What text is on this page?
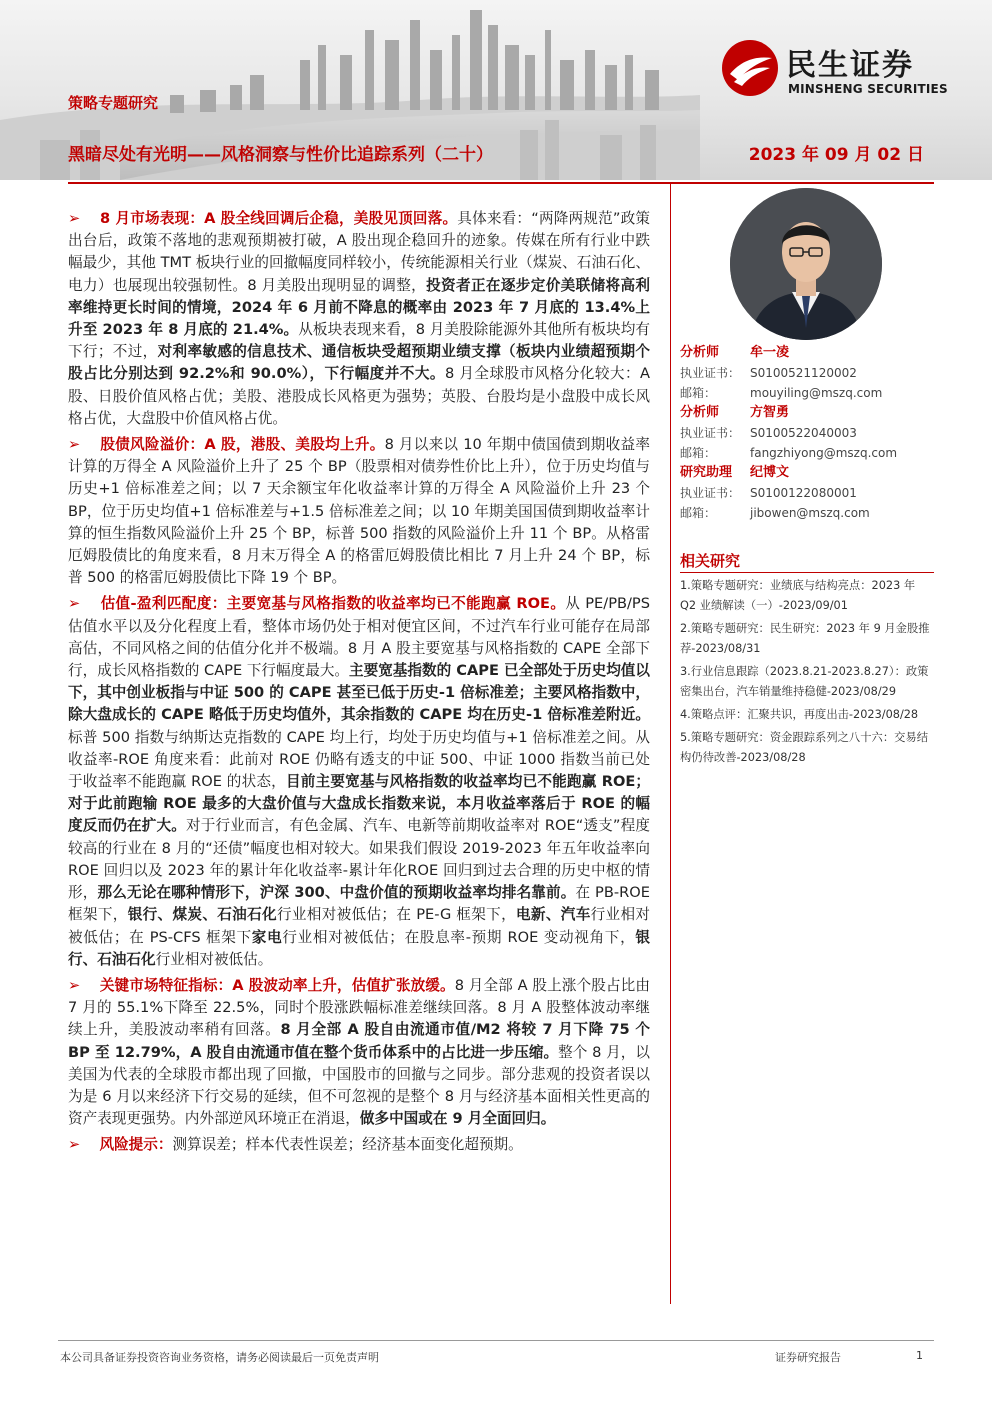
策略专题研究
黑暗尽处有光明——风格洞察与性价比追踪系列（二十）	2023 年 09 月 02 日
民生证券
MINSHENG SECURITIES

➢   8 月市场表现：A 股全线回调后企稳，美股见顶回落。具体来看：“两降两规范”政策出台后，政策不落地的悲观预期被打破，A 股出现企稳回升的迹象。传媒在所有行业中跌幅最少，其他 TMT 板块行业的回撤幅度同样较小，传统能源相关行业（煤炭、石油石化、电力）也展现出较强韧性。8 月美股出现明显的调整，投资者正在逐步定价美联储将高利率维持更长时间的情境，2024 年 6 月前不降息的概率由 2023 年 7 月底的 13.4%上升至 2023 年 8 月底的 21.4%。从板块表现来看，8 月美股除能源外其他所有板块均有下行；不过，对利率敏感的信息技术、通信板块受超预期业绩支撑（板块内业绩超预期个股占比分别达到 92.2%和 90.0%），下行幅度并不大。8 月全球股市风格分化较大：A 股、日股价值风格占优；美股、港股成长风格更为强势；英股、台股均是小盘股中成长风格占优，大盘股中价值风格占优。

➢   股债风险溢价：A 股，港股、美股均上升。8 月以来以 10 年期中债国债到期收益率计算的万得全 A 风险溢价上升了 25 个 BP（股票相对债券性价比上升），位于历史均值与历史+1 倍标准差之间；以 7 天余额宝年化收益率计算的万得全 A 风险溢价上升 23 个 BP，位于历史均值+1 倍标准差与+1.5 倍标准差之间；以 10 年期美国国债到期收益率计算的恒生指数风险溢价上升 25 个 BP，标普 500 指数的风险溢价上升 11 个 BP。从格雷厄姆股债比的角度来看，8 月末万得全 A 的格雷厄姆股债比相比 7 月上升 24 个 BP，标普 500 的格雷厄姆股债比下降 19 个 BP。

➢   估值-盈利匹配度：主要宽基与风格指数的收益率均已不能跑赢 ROE。从 PE/PB/PS 估值水平以及分化程度上看，整体市场仍处于相对便宜区间，不过汽车行业可能存在局部高估，不同风格之间的估值分化并不极端。8 月 A 股主要宽基与风格指数的 CAPE 全部下行，成长风格指数的 CAPE 下行幅度最大。主要宽基指数的 CAPE 已全部处于历史均值以下，其中创业板指与中证 500 的 CAPE 甚至已低于历史-1 倍标准差；主要风格指数中，除大盘成长的 CAPE 略低于历史均值外，其余指数的 CAPE 均在历史-1 倍标准差附近。标普 500 指数与纳斯达克指数的 CAPE 均上行，均处于历史均值与+1 倍标准差之间。从收益率-ROE 角度来看：此前对 ROE 仍略有透支的中证 500、中证 1000 指数当前已处于收益率不能跑赢 ROE 的状态，目前主要宽基与风格指数的收益率均已不能跑赢 ROE；对于此前跑输 ROE 最多的大盘价值与大盘成长指数来说，本月收益率落后于 ROE 的幅度反而仍在扩大。对于行业而言，有色金属、汽车、电新等前期收益率对 ROE“透支”程度较高的行业在 8 月的“还债”幅度也相对较大。如果我们假设 2019-2023 年五年收益率向 ROE 回归以及 2023 年的累计年化收益率-累计年化ROE 回归到过去合理的历史中枢的情形，那么无论在哪种情形下，沪深 300、中盘价值的预期收益率均排名靠前。在 PB-ROE 框架下，银行、煤炭、石油石化行业相对被低估；在 PE-G 框架下，电新、汽车行业相对被低估；在 PS-CFS 框架下家电行业相对被低估；在股息率-预期 ROE 变动视角下，银行、石油石化行业相对被低估。

➢   关键市场特征指标：A 股波动率上升，估值扩张放缓。8 月全部 A 股上涨个股占比由 7 月的 55.1%下降至 22.5%，同时个股涨跌幅标准差继续回落。8 月 A 股整体波动率继续上升，美股波动率稍有回落。8 月全部 A 股自由流通市值/M2 将较 7 月下降 75 个 BP 至 12.79%，A 股自由流通市值在整个货币体系中的占比进一步压缩。整个 8 月，以美国为代表的全球股市都出现了回撤，中国股市的回撤与之同步。部分悲观的投资者误以为是 6 月以来经济下行交易的延续，但不可忽视的是整个 8 月与经济基本面相关性更高的资产表现更强势。内外部逆风环境正在消退，做多中国或在 9 月全面回归。

➢   风险提示：测算误差；样本代表性误差；经济基本面变化超预期。

分析师 牟一凌
执业证书： S0100521120002
邮箱：	mouyiling@mszq.com
分析师 方智勇
执业证书： S0100522040003
邮箱：	fangzhiyong@mszq.com
研究助理 纪博文
执业证书： S0100122080001
邮箱：	jibowen@mszq.com
相关研究
1.策略专题研究：业绩底与结构亮点：2023 年 Q2 业绩解读（一）-2023/09/01
2.策略专题研究：民生研究：2023 年 9 月金股推荐-2023/08/31
3.行业信息跟踪（2023.8.21-2023.8.27）：政策密集出台，汽车销量维持稳健-2023/08/29
4.策略点评：汇聚共识，再度出击-2023/08/28
5.策略专题研究：资金跟踪系列之八十六：交易结构仍待改善-2023/08/28
本公司具备证券投资咨询业务资格，请务必阅读最后一页免责声明	证券研究报告	1
